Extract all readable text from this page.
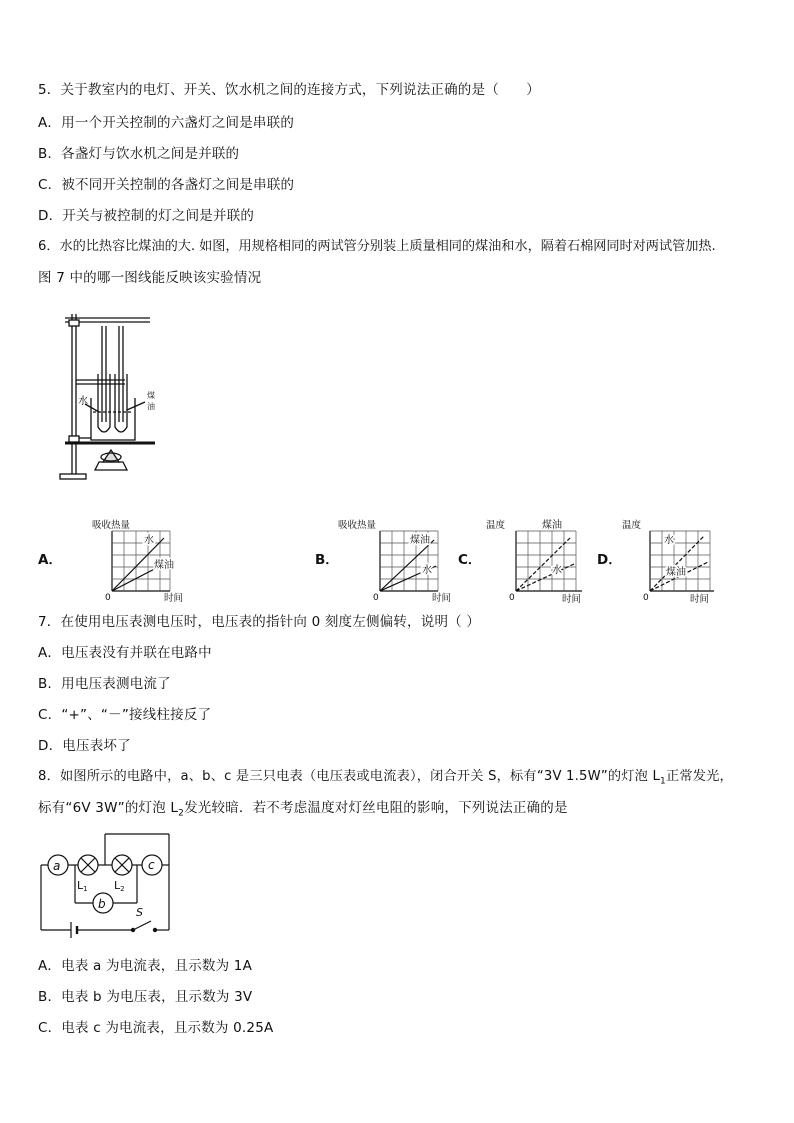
5．关于教室内的电灯、开关、饮水机之间的连接方式，下列说法正确的是（　　）
A．用一个开关控制的六盏灯之间是串联的
B．各盏灯与饮水机之间是并联的
C．被不同开关控制的各盏灯之间是串联的
D．开关与被控制的灯之间是并联的
6．水的比热容比煤油的大. 如图，用规格相同的两试管分别装上质量相同的煤油和水，隔着石棉网同时对两试管加热.
图 7 中的哪一图线能反映该实验情况
水
煤
油
A．	B．	C．	D．
吸收热量
水
煤油
0	时间
吸收热量
煤油
水
0	时间
温度	煤油
水
0	时间
温度
水
煤油
0	时间
7．在使用电压表测电压时，电压表的指针向 0 刻度左侧偏转，说明（ ）
A．电压表没有并联在电路中
B．用电压表测电流了
C．“+”、“－”接线柱接反了
D．电压表坏了
8．如图所示的电路中，a、b、c 是三只电表（电压表或电流表），闭合开关 S，标有“3V 1.5W”的灯泡 $L_1$正常发光，
标有“6V 3W”的灯泡 $L_2$发光较暗．若不考虑温度对灯丝电阻的影响，下列说法正确的是
a	c
b
L1 L2
S
A．电表 a 为电流表，且示数为 1A
B．电表 b 为电压表，且示数为 3V
C．电表 c 为电流表，且示数为 0.25A
